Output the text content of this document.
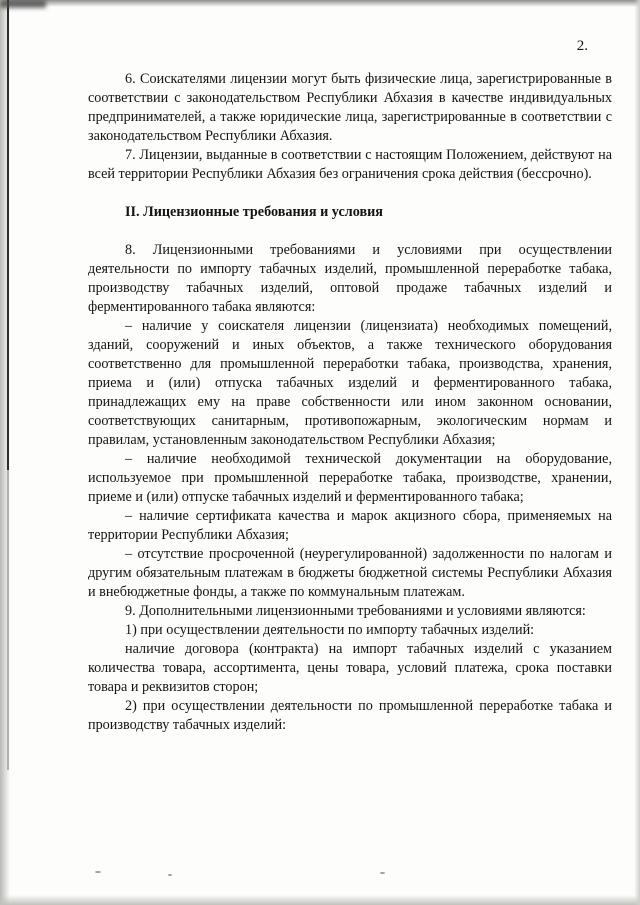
2.

6. Соискателями лицензии могут быть физические лица, зарегистрированные в соответствии с законодательством Республики Абхазия в качестве индивидуальных предпринимателей, а также юридические лица, зарегистрированные в соответствии с законодательством Республики Абхазия.

7. Лицензии, выданные в соответствии с настоящим Положением, действуют на всей территории Республики Абхазия без ограничения срока действия (бессрочно).

II. Лицензионные требования и условия

8. Лицензионными требованиями и условиями при осуществлении деятельности по импорту табачных изделий, промышленной переработке табака, производству табачных изделий, оптовой продаже табачных изделий и ферментированного табака являются:

– наличие у соискателя лицензии (лицензиата) необходимых помещений, зданий, сооружений и иных объектов, а также технического оборудования соответственно для промышленной переработки табака, производства, хранения, приема и (или) отпуска табачных изделий и ферментированного табака, принадлежащих ему на праве собственности или ином законном основании, соответствующих санитарным, противопожарным, экологическим нормам и правилам, установленным законодательством Республики Абхазия;

– наличие необходимой технической документации на оборудование, используемое при промышленной переработке табака, производстве, хранении, приеме и (или) отпуске табачных изделий и ферментированного табака;

– наличие сертификата качества и марок акцизного сбора, применяемых на территории Республики Абхазия;

– отсутствие просроченной (неурегулированной) задолженности по налогам и другим обязательным платежам в бюджеты бюджетной системы Республики Абхазия и внебюджетные фонды, а также по коммунальным платежам.

9. Дополнительными лицензионными требованиями и условиями являются:

1) при осуществлении деятельности по импорту табачных изделий:

наличие договора (контракта) на импорт табачных изделий с указанием количества товара, ассортимента, цены товара, условий платежа, срока поставки товара и реквизитов сторон;

2) при осуществлении деятельности по промышленной переработке табака и производству табачных изделий:
